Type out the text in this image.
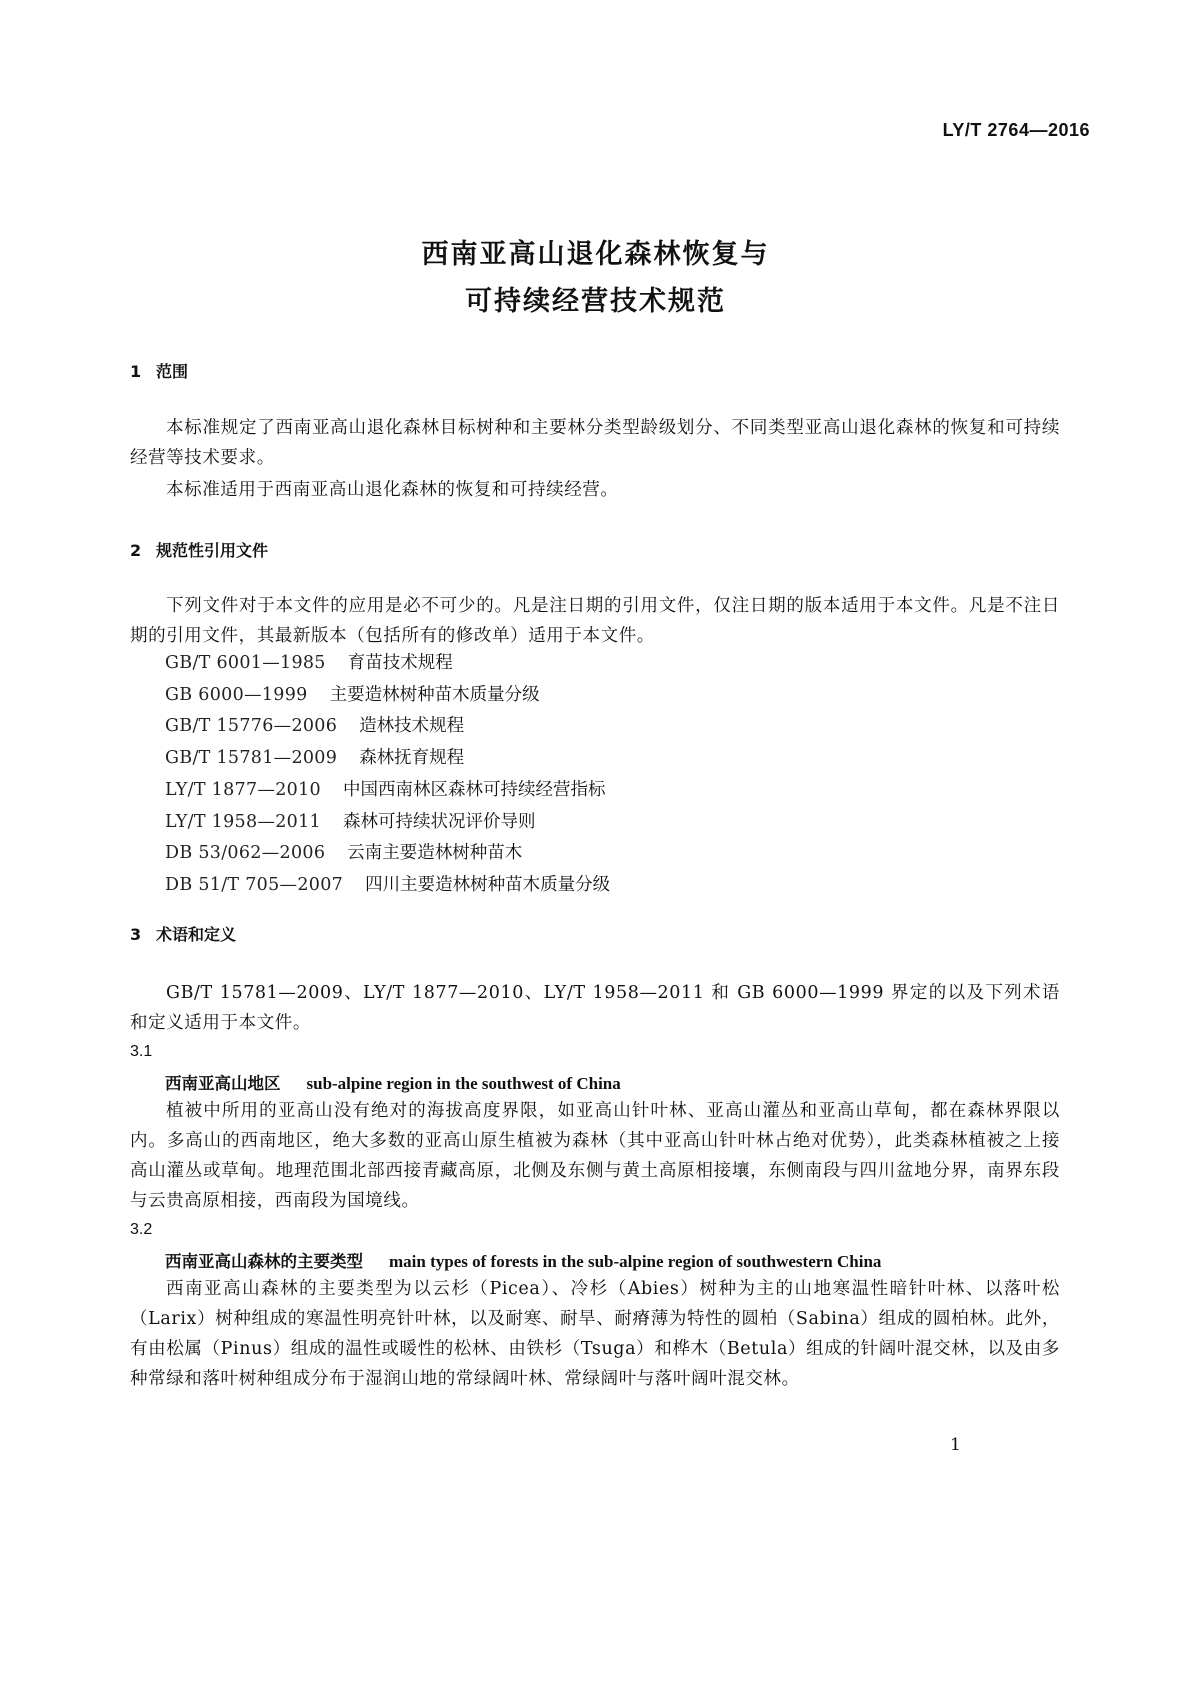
LY/T 2764—2016
西南亚高山退化森林恢复与
可持续经营技术规范
1 范围

本标准规定了西南亚高山退化森林目标树种和主要林分类型龄级划分、不同类型亚高山退化森林的恢复和可持续经营等技术要求。

本标准适用于西南亚高山退化森林的恢复和可持续经营。

2 规范性引用文件

下列文件对于本文件的应用是必不可少的。凡是注日期的引用文件，仅注日期的版本适用于本文件。凡是不注日期的引用文件，其最新版本（包括所有的修改单）适用于本文件。

GB/T 6001—1985 育苗技术规程
GB 6000—1999 主要造林树种苗木质量分级
GB/T 15776—2006 造林技术规程
GB/T 15781—2009 森林抚育规程
LY/T 1877—2010 中国西南林区森林可持续经营指标
LY/T 1958—2011 森林可持续状况评价导则
DB 53/062—2006 云南主要造林树种苗木
DB 51/T 705—2007 四川主要造林树种苗木质量分级
3 术语和定义

GB/T 15781—2009、LY/T 1877—2010、LY/T 1958—2011 和 GB 6000—1999 界定的以及下列术语和定义适用于本文件。

3.1
西南亚高山地区 sub-alpine region in the southwest of China

植被中所用的亚高山没有绝对的海拔高度界限，如亚高山针叶林、亚高山灌丛和亚高山草甸，都在森林界限以内。多高山的西南地区，绝大多数的亚高山原生植被为森林（其中亚高山针叶林占绝对优势），此类森林植被之上接高山灌丛或草甸。地理范围北部西接青藏高原，北侧及东侧与黄土高原相接壤，东侧南段与四川盆地分界，南界东段与云贵高原相接，西南段为国境线。

3.2
西南亚高山森林的主要类型 main types of forests in the sub-alpine region of southwestern China

西南亚高山森林的主要类型为以云杉（Picea）、冷杉（Abies）树种为主的山地寒温性暗针叶林、以落叶松（Larix）树种组成的寒温性明亮针叶林，以及耐寒、耐旱、耐瘠薄为特性的圆柏（Sabina）组成的圆柏林。此外，有由松属（Pinus）组成的温性或暖性的松林、由铁杉（Tsuga）和桦木（Betula）组成的针阔叶混交林，以及由多种常绿和落叶树种组成分布于湿润山地的常绿阔叶林、常绿阔叶与落叶阔叶混交林。

1
